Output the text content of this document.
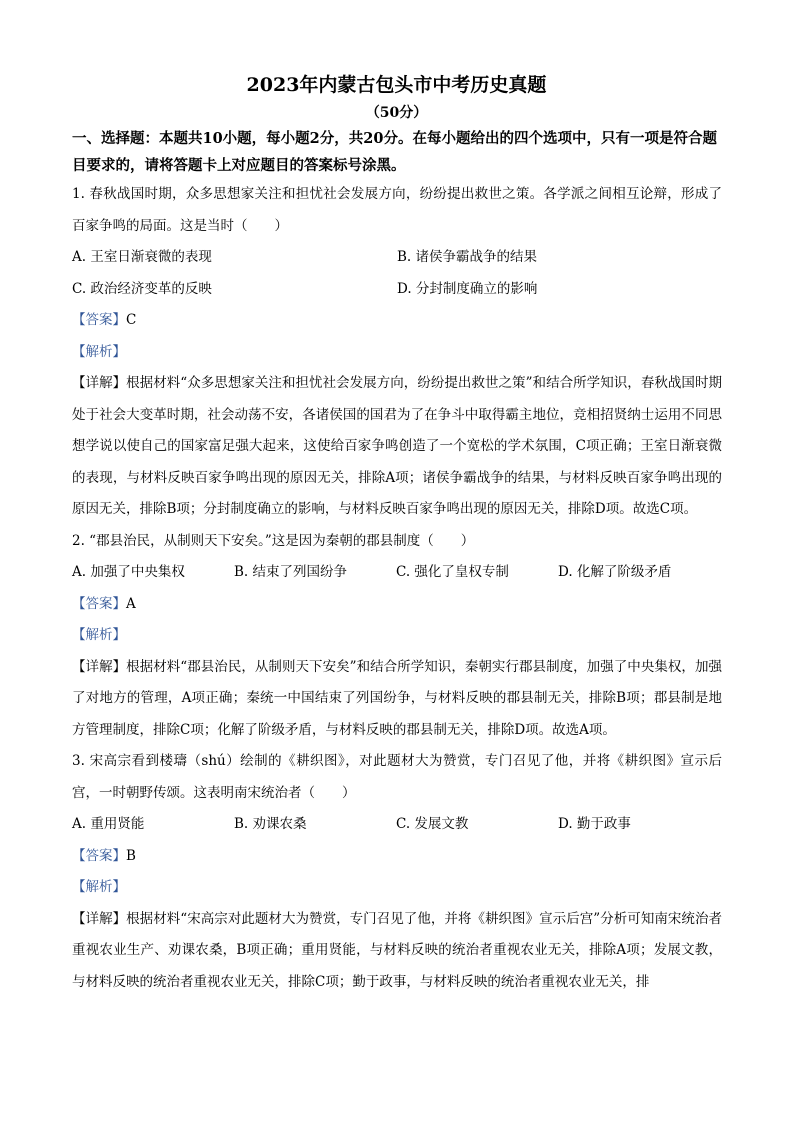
2023年内蒙古包头市中考历史真题
（50分）
一、选择题：本题共10小题，每小题2分，共20分。在每小题给出的四个选项中，只有一项是符合题目要求的，请将答题卡上对应题目的答案标号涂黑。
1. 春秋战国时期，众多思想家关注和担忧社会发展方向，纷纷提出救世之策。各学派之间相互论辩，形成了百家争鸣的局面。这是当时（　　）
A. 王室日渐衰微的表现	B. 诸侯争霸战争的结果
C. 政治经济变革的反映	D. 分封制度确立的影响
【答案】C
【解析】
【详解】根据材料“众多思想家关注和担忧社会发展方向，纷纷提出救世之策”和结合所学知识，春秋战国时期处于社会大变革时期，社会动荡不安，各诸侯国的国君为了在争斗中取得霸主地位，竞相招贤纳士运用不同思想学说以使自己的国家富足强大起来，这使给百家争鸣创造了一个宽松的学术氛围，C项正确；王室日渐衰微的表现，与材料反映百家争鸣出现的原因无关，排除A项；诸侯争霸战争的结果，与材料反映百家争鸣出现的原因无关，排除B项；分封制度确立的影响，与材料反映百家争鸣出现的原因无关，排除D项。故选C项。
2. “郡县治民，从制则天下安矣。”这是因为秦朝的郡县制度（　　）
A. 加强了中央集权	B. 结束了列国纷争	C. 强化了皇权专制	D. 化解了阶级矛盾
【答案】A
【解析】
【详解】根据材料“郡县治民，从制则天下安矣”和结合所学知识，秦朝实行郡县制度，加强了中央集权，加强了对地方的管理，A项正确；秦统一中国结束了列国纷争，与材料反映的郡县制无关，排除B项；郡县制是地方管理制度，排除C项；化解了阶级矛盾，与材料反映的郡县制无关，排除D项。故选A项。
3. 宋高宗看到楼璹（shú）绘制的《耕织图》，对此题材大为赞赏，专门召见了他，并将《耕织图》宣示后宫，一时朝野传颂。这表明南宋统治者（　　）
A. 重用贤能	B. 劝课农桑	C. 发展文教	D. 勤于政事
【答案】B
【解析】
【详解】根据材料“宋高宗对此题材大为赞赏，专门召见了他，并将《耕织图》宣示后宫”分析可知南宋统治者重视农业生产、劝课农桑，B项正确；重用贤能，与材料反映的统治者重视农业无关，排除A项；发展文教，与材料反映的统治者重视农业无关，排除C项；勤于政事，与材料反映的统治者重视农业无关，排
